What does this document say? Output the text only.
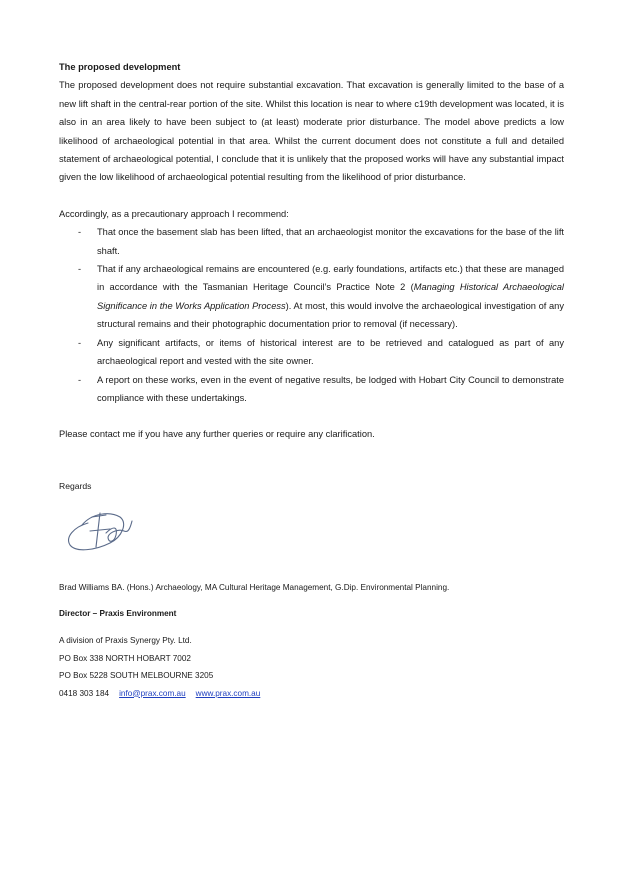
The proposed development

The proposed development does not require substantial excavation. That excavation is generally limited to the base of a new lift shaft in the central-rear portion of the site. Whilst this location is near to where c19th development was located, it is also in an area likely to have been subject to (at least) moderate prior disturbance. The model above predicts a low likelihood of archaeological potential in that area. Whilst the current document does not constitute a full and detailed statement of archaeological potential, I conclude that it is unlikely that the proposed works will have any substantial impact given the low likelihood of archaeological potential resulting from the likelihood of prior disturbance.

Accordingly, as a precautionary approach I recommend:

- That once the basement slab has been lifted, that an archaeologist monitor the excavations for the base of the lift shaft.
- That if any archaeological remains are encountered (e.g. early foundations, artifacts etc.) that these are managed in accordance with the Tasmanian Heritage Council’s Practice Note 2 (Managing Historical Archaeological Significance in the Works Application Process). At most, this would involve the archaeological investigation of any structural remains and their photographic documentation prior to removal (if necessary).
- Any significant artifacts, or items of historical interest are to be retrieved and catalogued as part of any archaeological report and vested with the site owner.
- A report on these works, even in the event of negative results, be lodged with Hobart City Council to demonstrate compliance with these undertakings.

Please contact me if you have any further queries or require any clarification.

Regards
Brad Williams BA. (Hons.) Archaeology, MA Cultural Heritage Management, G.Dip. Environmental Planning.
Director – Praxis Environment
A division of Praxis Synergy Pty. Ltd.
PO Box 338 NORTH HOBART 7002
PO Box 5228 SOUTH MELBOURNE 3205
0418 303 184 info@prax.com.au www.prax.com.au
